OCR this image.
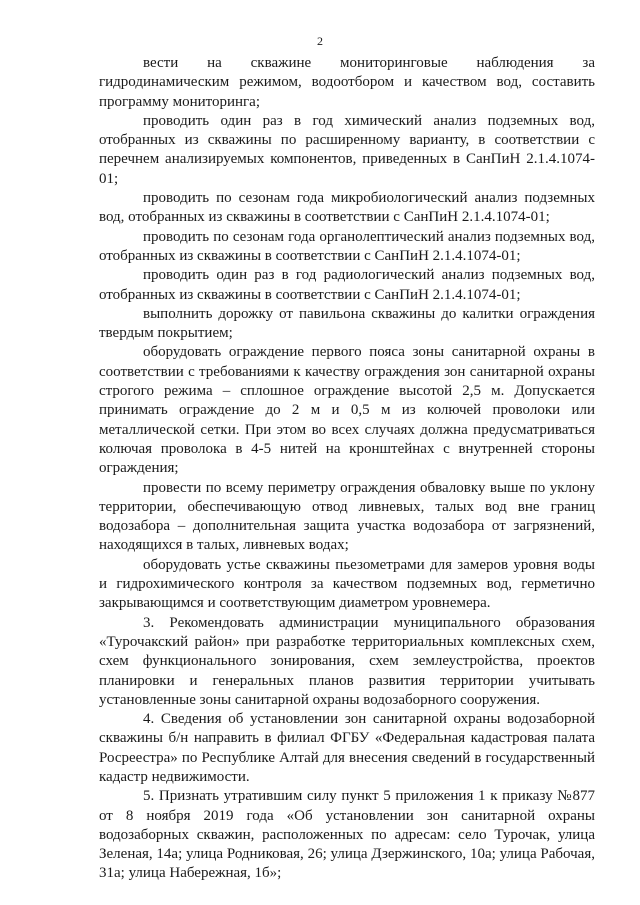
2

вести на скважине мониторинговые наблюдения за гидродинамическим режимом, водоотбором и качеством вод, составить программу мониторинга;

проводить один раз в год химический анализ подземных вод, отобранных из скважины по расширенному варианту, в соответствии с перечнем анализируемых компонентов, приведенных в СанПиН 2.1.4.1074-01;

проводить по сезонам года микробиологический анализ подземных вод, отобранных из скважины в соответствии с СанПиН 2.1.4.1074-01;

проводить по сезонам года органолептический анализ подземных вод, отобранных из скважины в соответствии с СанПиН 2.1.4.1074-01;

проводить один раз в год радиологический анализ подземных вод, отобранных из скважины в соответствии с СанПиН 2.1.4.1074-01;

выполнить дорожку от павильона скважины до калитки ограждения твердым покрытием;

оборудовать ограждение первого пояса зоны санитарной охраны в соответствии с требованиями к качеству ограждения зон санитарной охраны строгого режима – сплошное ограждение высотой 2,5 м. Допускается принимать ограждение до 2 м и 0,5 м из колючей проволоки или металлической сетки. При этом во всех случаях должна предусматриваться колючая проволока в 4-5 нитей на кронштейнах с внутренней стороны ограждения;

провести по всему периметру ограждения обваловку выше по уклону территории, обеспечивающую отвод ливневых, талых вод вне границ водозабора – дополнительная защита участка водозабора от загрязнений, находящихся в талых, ливневых водах;

оборудовать устье скважины пьезометрами для замеров уровня воды и гидрохимического контроля за качеством подземных вод, герметично закрывающимся и соответствующим диаметром уровнемера.

3. Рекомендовать администрации муниципального образования «Турочакский район» при разработке территориальных комплексных схем, схем функционального зонирования, схем землеустройства, проектов планировки и генеральных планов развития территории учитывать установленные зоны санитарной охраны водозаборного сооружения.

4. Сведения об установлении зон санитарной охраны водозаборной скважины б/н направить в филиал ФГБУ «Федеральная кадастровая палата Росреестра» по Республике Алтай для внесения сведений в государственный кадастр недвижимости.

5. Признать утратившим силу пункт 5 приложения 1 к приказу №877 от 8 ноября 2019 года «Об установлении зон санитарной охраны водозаборных скважин, расположенных по адресам: село Турочак, улица Зеленая, 14а; улица Родниковая, 26; улица Дзержинского, 10а; улица Рабочая, 31а; улица Набережная, 1б»;
